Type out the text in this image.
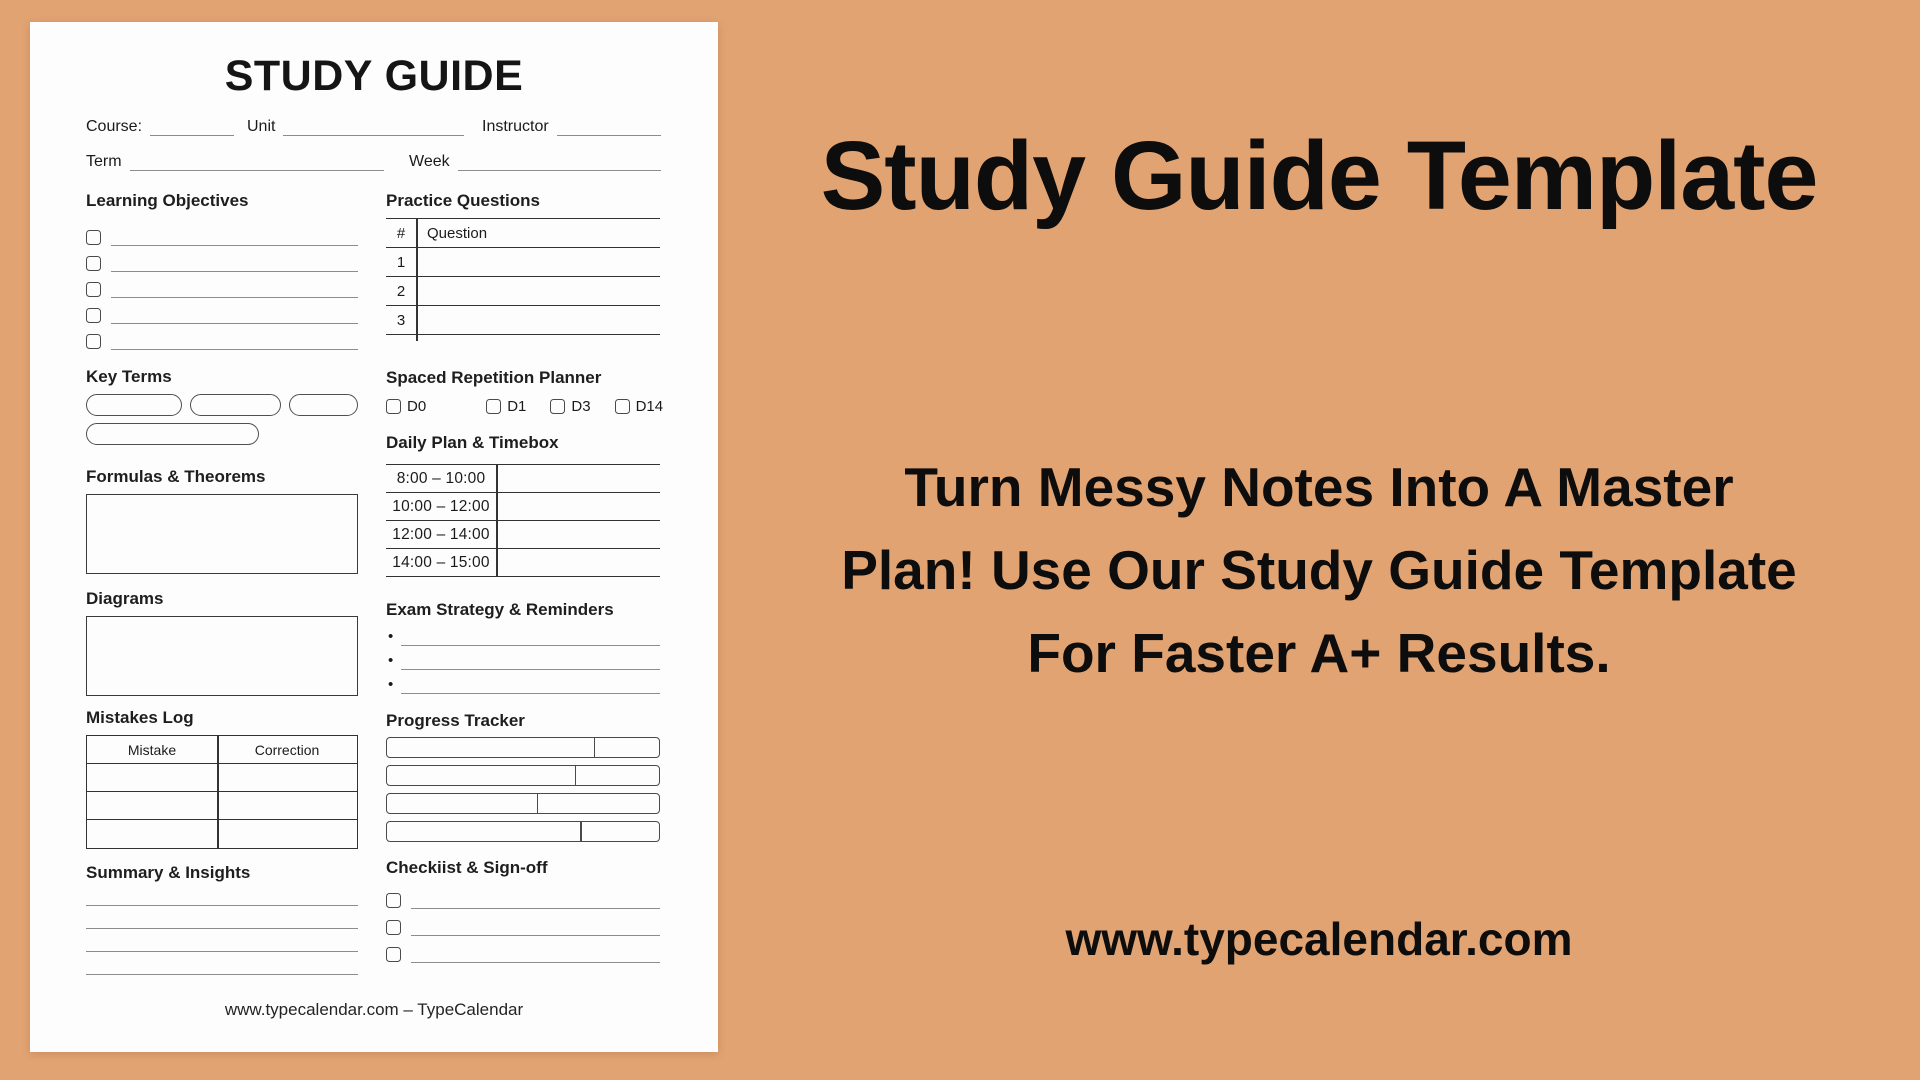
STUDY GUIDE
Course:	Unit	Instructor
Term	Week
Learning Objectives
Key Terms
Formulas & Theorems
Diagrams
Mistakes Log
Mistake	Correction
Summary & Insights
Practice Questions
#	Question
1
2
3
Spaced Repetition Planner
D0	D1	D3	D14
Daily Plan & Timebox
8:00 – 10:00
10:00 – 12:00
12:00 – 14:00
14:00 – 15:00
Exam Strategy & Reminders
•
•
•
Progress Tracker
Checkiist & Sign-off
www.typecalendar.com – TypeCalendar
Study Guide Template
Turn Messy Notes Into A Master
Plan! Use Our Study Guide Template
For Faster A+ Results.
www.typecalendar.com
